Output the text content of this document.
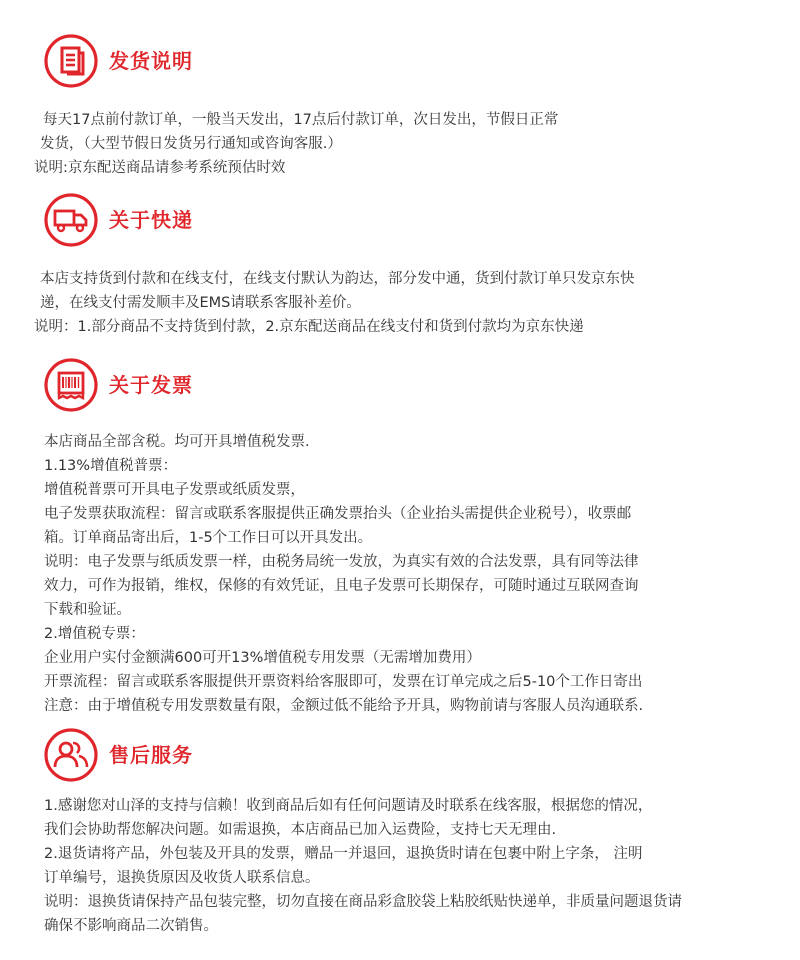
发货说明
每天17点前付款订单，一般当天发出，17点后付款订单，次日发出，节假日正常
发货，（大型节假日发货另行通知或咨询客服.）
说明:京东配送商品请参考系统预估时效
关于快递
本店支持货到付款和在线支付，在线支付默认为韵达，部分发中通，货到付款订单只发京东快
递，在线支付需发顺丰及EMS请联系客服补差价。
说明：1.部分商品不支持货到付款，2.京东配送商品在线支付和货到付款均为京东快递
关于发票
本店商品全部含税。均可开具增值税发票.
1.13%增值税普票：
增值税普票可开具电子发票或纸质发票，
电子发票获取流程：留言或联系客服提供正确发票抬头（企业抬头需提供企业税号），收票邮
箱。订单商品寄出后，1-5个工作日可以开具发出。
说明：电子发票与纸质发票一样，由税务局统一发放，为真实有效的合法发票，具有同等法律
效力，可作为报销，维权，保修的有效凭证，且电子发票可长期保存，可随时通过互联网查询
下载和验证。
2.增值税专票：
企业用户实付金额满600可开13%增值税专用发票（无需增加费用）
开票流程：留言或联系客服提供开票资料给客服即可，发票在订单完成之后5-10个工作日寄出
注意：由于增值税专用发票数量有限，金额过低不能给予开具，购物前请与客服人员沟通联系.
售后服务
1.感谢您对山泽的支持与信赖！收到商品后如有任何问题请及时联系在线客服，根据您的情况，
我们会协助帮您解决问题。如需退换，本店商品已加入运费险，支持七天无理由.
2.退货请将产品，外包装及开具的发票，赠品一并退回，退换货时请在包裹中附上字条， 注明
订单编号，退换货原因及收货人联系信息。
说明：退换货请保持产品包装完整，切勿直接在商品彩盒胶袋上粘胶纸贴快递单，非质量问题退货请
确保不影响商品二次销售。
